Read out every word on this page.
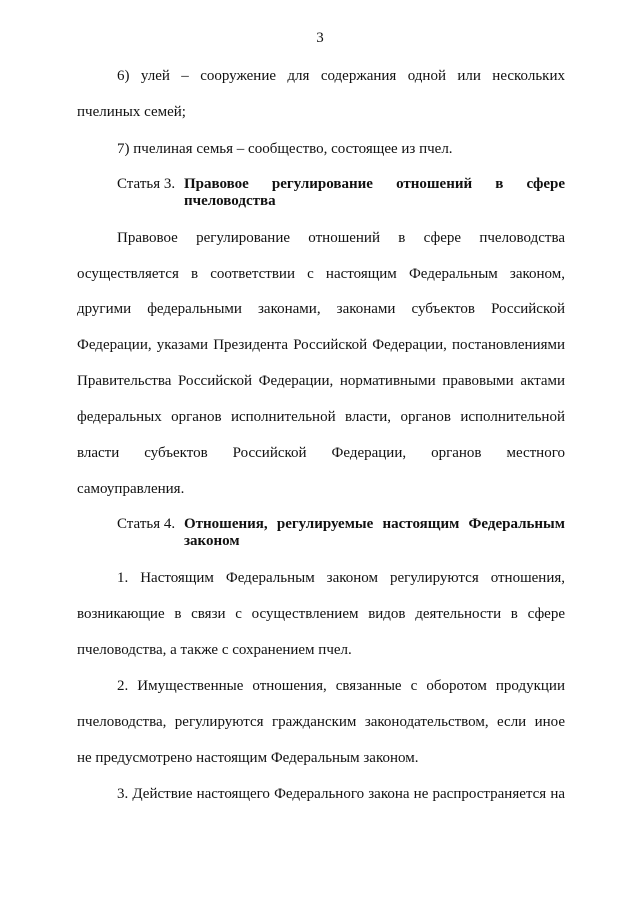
3
6) улей – сооружение для содержания одной или нескольких
пчелиных семей;
7) пчелиная семья – сообщество, состоящее из пчел.
Статья 3. Правовое регулирование отношений в сфере
пчеловодства
Правовое регулирование отношений в сфере пчеловодства
осуществляется в соответствии с настоящим Федеральным законом,
другими федеральными законами, законами субъектов Российской
Федерации, указами Президента Российской Федерации, постановлениями
Правительства Российской Федерации, нормативными правовыми актами
федеральных органов исполнительной власти, органов исполнительной
власти субъектов Российской Федерации, органов местного
самоуправления.
Статья 4. Отношения, регулируемые настоящим Федеральным
законом
1. Настоящим Федеральным законом регулируются отношения,
возникающие в связи с осуществлением видов деятельности в сфере
пчеловодства, а также с сохранением пчел.
2. Имущественные отношения, связанные с оборотом продукции
пчеловодства, регулируются гражданским законодательством, если иное
не предусмотрено настоящим Федеральным законом.
3. Действие настоящего Федерального закона не распространяется на
